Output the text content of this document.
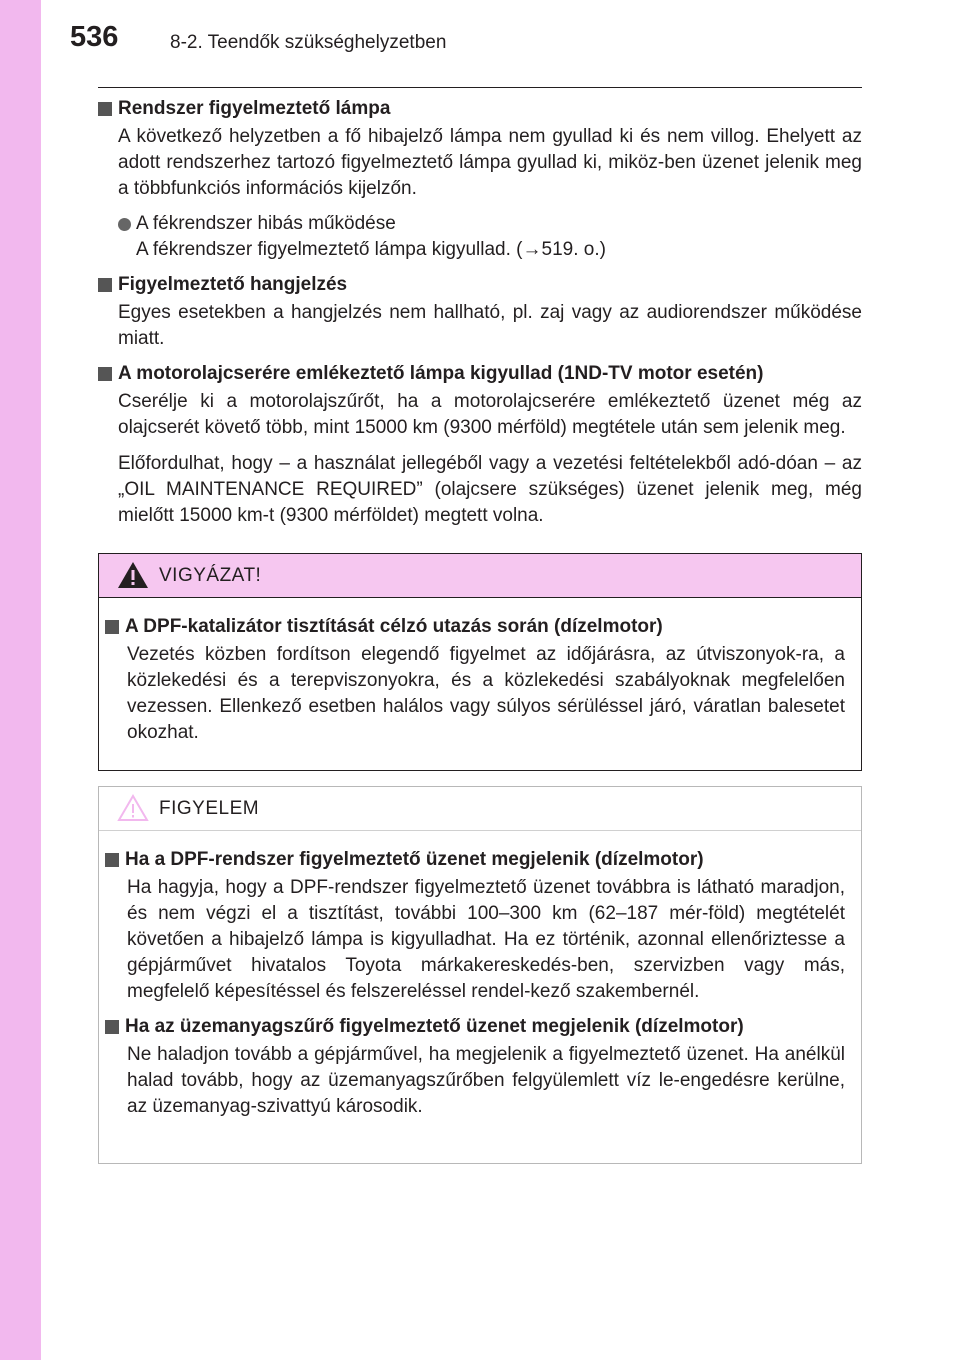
536	8-2. Teendők szükséghelyzetben
Rendszer figyelmeztető lámpa

A következő helyzetben a fő hibajelző lámpa nem gyullad ki és nem villog. Ehelyett az adott rendszerhez tartozó figyelmeztető lámpa gyullad ki, miköz-ben üzenet jelenik meg a többfunkciós információs kijelzőn.

A fékrendszer hibás működése
A fékrendszer figyelmeztető lámpa kigyullad. (→519. o.)
Figyelmeztető hangjelzés

Egyes esetekben a hangjelzés nem hallható, pl. zaj vagy az audiorendszer működése miatt.

A motorolajcserére emlékeztető lámpa kigyullad (1ND-TV motor esetén)

Cserélje ki a motorolajszűrőt, ha a motorolajcserére emlékeztető üzenet még az olajcserét követő több, mint 15000 km (9300 mérföld) megtétele után sem jelenik meg.

Előfordulhat, hogy – a használat jellegéből vagy a vezetési feltételekből adó-dóan – az „OIL MAINTENANCE REQUIRED” (olajcsere szükséges) üzenet jelenik meg, még mielőtt 15000 km-t (9300 mérföldet) megtett volna.

VIGYÁZAT!
A DPF-katalizátor tisztítását célzó utazás során (dízelmotor)

Vezetés közben fordítson elegendő figyelmet az időjárásra, az útviszonyok-ra, a közlekedési és a terepviszonyokra, és a közlekedési szabályoknak megfelelően vezessen. Ellenkező esetben halálos vagy súlyos sérüléssel járó, váratlan balesetet okozhat.

FIGYELEM
Ha a DPF-rendszer figyelmeztető üzenet megjelenik (dízelmotor)

Ha hagyja, hogy a DPF-rendszer figyelmeztető üzenet továbbra is látható maradjon, és nem végzi el a tisztítást, további 100–300 km (62–187 mér-föld) megtételét követően a hibajelző lámpa is kigyulladhat. Ha ez történik, azonnal ellenőriztesse a gépjárművet hivatalos Toyota márkakereskedés-ben, szervizben vagy más, megfelelő képesítéssel és felszereléssel rendel-kező szakembernél.

Ha az üzemanyagszűrő figyelmeztető üzenet megjelenik (dízelmotor)

Ne haladjon tovább a gépjárművel, ha megjelenik a figyelmeztető üzenet. Ha anélkül halad tovább, hogy az üzemanyagszűrőben felgyülemlett víz le-engedésre kerülne, az üzemanyag-szivattyú károsodik.
